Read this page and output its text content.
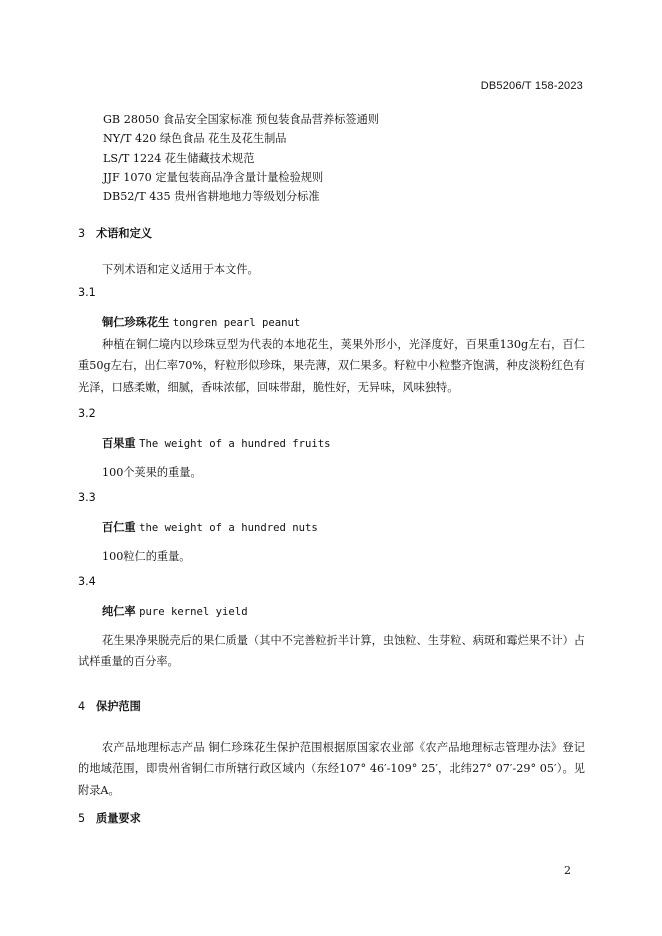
DB5206/T 158-2023
GB 28050 食品安全国家标准 预包装食品营养标签通则
NY/T 420 绿色食品 花生及花生制品
LS/T 1224 花生储藏技术规范
JJF 1070 定量包装商品净含量计量检验规则
DB52/T 435 贵州省耕地地力等级划分标准
3 术语和定义
下列术语和定义适用于本文件。
3.1
铜仁珍珠花生 tongren pearl peanut
种植在铜仁境内以珍珠豆型为代表的本地花生，荚果外形小，光泽度好，百果重130g左右，百仁重50g左右，出仁率70%，籽粒形似珍珠，果壳薄，双仁果多。籽粒中小粒整齐饱满，种皮淡粉红色有光泽，口感柔嫩，细腻，香味浓郁，回味带甜，脆性好，无异味，风味独特。
3.2
百果重 The weight of a hundred fruits
100个荚果的重量。
3.3
百仁重 the weight of a hundred nuts
100粒仁的重量。
3.4
纯仁率 pure kernel yield
花生果净果脱壳后的果仁质量（其中不完善粒折半计算，虫蚀粒、生芽粒、病斑和霉烂果不计）占试样重量的百分率。
4 保护范围
农产品地理标志产品 铜仁珍珠花生保护范围根据原国家农业部《农产品地理标志管理办法》登记的地域范围，即贵州省铜仁市所辖行政区域内（东经107° 46′-109° 25′，北纬27° 07′-29° 05′）。见附录A。
5 质量要求
2
